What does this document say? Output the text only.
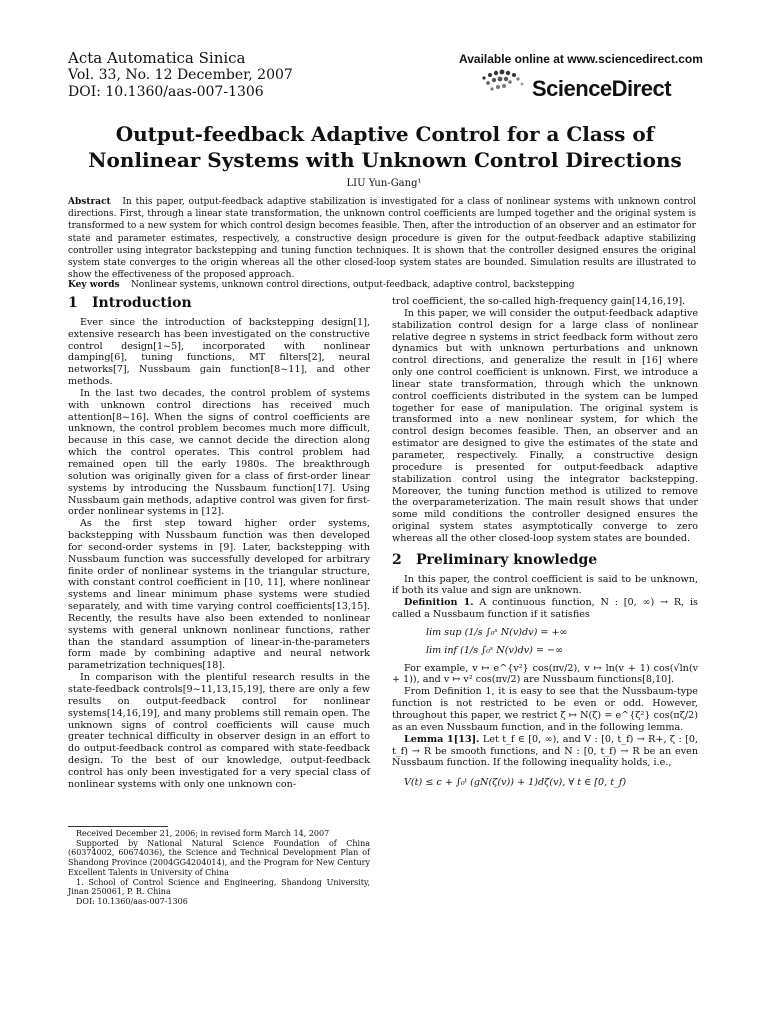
Acta Automatica Sinica
Vol. 33, No. 12 December, 2007
DOI: 10.1360/aas-007-1306
Available online at www.sciencedirect.com
ScienceDirect
Output-feedback Adaptive Control for a Class of
Nonlinear Systems with Unknown Control Directions
LIU Yun-Gang¹
Abstract In this paper, output-feedback adaptive stabilization is investigated for a class of nonlinear systems with unknown control directions. First, through a linear state transformation, the unknown control coefficients are lumped together and the original system is transformed to a new system for which control design becomes feasible. Then, after the introduction of an observer and an estimator for state and parameter estimates, respectively, a constructive design procedure is given for the output-feedback adaptive stabilizing controller using integrator backstepping and tuning function techniques. It is shown that the controller designed ensures the original system state converges to the origin whereas all the other closed-loop system states are bounded. Simulation results are illustrated to show the effectiveness of the proposed approach.
Key words Nonlinear systems, unknown control directions, output-feedback, adaptive control, backstepping
1 Introduction

Ever since the introduction of backstepping design[1], extensive research has been investigated on the constructive control design[1~5], incorporated with nonlinear damping[6], tuning functions, MT filters[2], neural networks[7], Nussbaum gain function[8~11], and other methods.

In the last two decades, the control problem of systems with unknown control directions has received much attention[8~16]. When the signs of control coefficients are unknown, the control problem becomes much more difficult, because in this case, we cannot decide the direction along which the control operates. This control problem had remained open till the early 1980s. The breakthrough solution was originally given for a class of first-order linear systems by introducing the Nussbaum function[17]. Using Nussbaum gain methods, adaptive control was given for first-order nonlinear systems in [12].

As the first step toward higher order systems, backstepping with Nussbaum function was then developed for second-order systems in [9]. Later, backstepping with Nussbaum function was successfully developed for arbitrary finite order of nonlinear systems in the triangular structure, with constant control coefficient in [10, 11], where nonlinear systems and linear minimum phase systems were studied separately, and with time varying control coefficients[13,15]. Recently, the results have also been extended to nonlinear systems with general unknown nonlinear functions, rather than the standard assumption of linear-in-the-parameters form made by combining adaptive and neural network parametrization techniques[18].

In comparison with the plentiful research results in the state-feedback controls[9~11,13,15,19], there are only a few results on output-feedback control for nonlinear systems[14,16,19], and many problems still remain open. The unknown signs of control coefficients will cause much greater technical difficulty in observer design in an effort to do output-feedback control as compared with state-feedback design. To the best of our knowledge, output-feedback control has only been investigated for a very special class of nonlinear systems with only one unknown con-

Received December 21, 2006; in revised form March 14, 2007

Supported by National Natural Science Foundation of China (60374002, 60674036), the Science and Technical Development Plan of Shandong Province (2004GG4204014), and the Program for New Century Excellent Talents in University of China

1. School of Control Science and Engineering, Shandong University, Jinan 250061, P. R. China

DOI: 10.1360/aas-007-1306

trol coefficient, the so-called high-frequency gain[14,16,19].

In this paper, we will consider the output-feedback adaptive stabilization control design for a large class of nonlinear relative degree n systems in strict feedback form without zero dynamics but with unknown perturbations and unknown control directions, and generalize the result in [16] where only one control coefficient is unknown. First, we introduce a linear state transformation, through which the unknown control coefficients distributed in the system can be lumped together for ease of manipulation. The original system is transformed into a new nonlinear system, for which the control design becomes feasible. Then, an observer and an estimator are designed to give the estimates of the state and parameter, respectively. Finally, a constructive design procedure is presented for output-feedback adaptive stabilization control using the integrator backstepping. Moreover, the tuning function method is utilized to remove the overparameterization. The main result shows that under some mild conditions the controller designed ensures the original system states asymptotically converge to zero whereas all the other closed-loop system states are bounded.

2 Preliminary knowledge

In this paper, the control coefficient is said to be unknown, if both its value and sign are unknown.

Definition 1. A continuous function, N : [0, ∞) → R, is called a Nussbaum function if it satisfies

lim sup (1/s ∫₀ˢ N(v)dv) = +∞
lim inf (1/s ∫₀ˢ N(v)dv) = −∞

For example, v ↦ e^{v²} cos(πv/2), v ↦ ln(v + 1) cos(√ln(v + 1)), and v ↦ v² cos(πv/2) are Nussbaum functions[8,10].

From Definition 1, it is easy to see that the Nussbaum-type function is not restricted to be even or odd. However, throughout this paper, we restrict ζ ↦ N(ζ) = e^{ζ²} cos(πζ/2) as an even Nussbaum function, and in the following lemma.

Lemma 1[13]. Let t_f ∈ [0, ∞), and V : [0, t_f) → R+, ζ : [0, t_f) → R be smooth functions, and N : [0, t_f) → R be an even Nussbaum function. If the following inequality holds, i.e.,

V(t) ≤ c + ∫₀ᵗ (gN(ζ(v)) + 1)dζ(v), ∀ t ∈ [0, t_f)
